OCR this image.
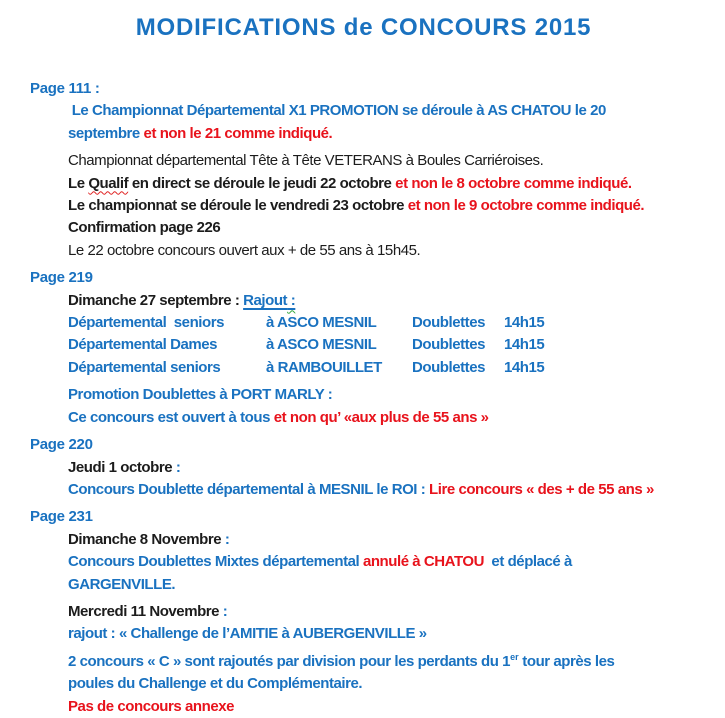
MODIFICATIONS de CONCOURS 2015
Page 111 :
Le Championnat Départemental X1 PROMOTION se déroule à AS CHATOU le 20
septembre et non le 21 comme indiqué.
Championnat départemental Tête à Tête VETERANS à Boules Carriéroises.
Le Qualif en direct se déroule le jeudi 22 octobre et non le 8 octobre comme indiqué.
Le championnat se déroule le vendredi 23 octobre et non le 9 octobre comme indiqué.
Confirmation page 226
Le 22 octobre concours ouvert aux + de 55 ans à 15h45.
Page 219
Dimanche 27 septembre : Rajout :
Départemental  seniors	à ASCO MESNIL	Doublettes	14h15
Départemental Dames	à ASCO MESNIL	Doublettes	14h15
Départemental seniors	à RAMBOUILLET	Doublettes	14h15
Promotion Doublettes à PORT MARLY :
Ce concours est ouvert à tous et non qu’ «aux plus de 55 ans »
Page 220
Jeudi 1 octobre :
Concours Doublette départemental à MESNIL le ROI : Lire concours « des + de 55 ans »
Page 231
Dimanche 8 Novembre :
Concours Doublettes Mixtes départemental annulé à CHATOU  et déplacé à
GARGENVILLE.
Mercredi 11 Novembre :
rajout : « Challenge de l’AMITIE à AUBERGENVILLE »
2 concours « C » sont rajoutés par division pour les perdants du 1er tour après les
poules du Challenge et du Complémentaire.
Pas de concours annexe
